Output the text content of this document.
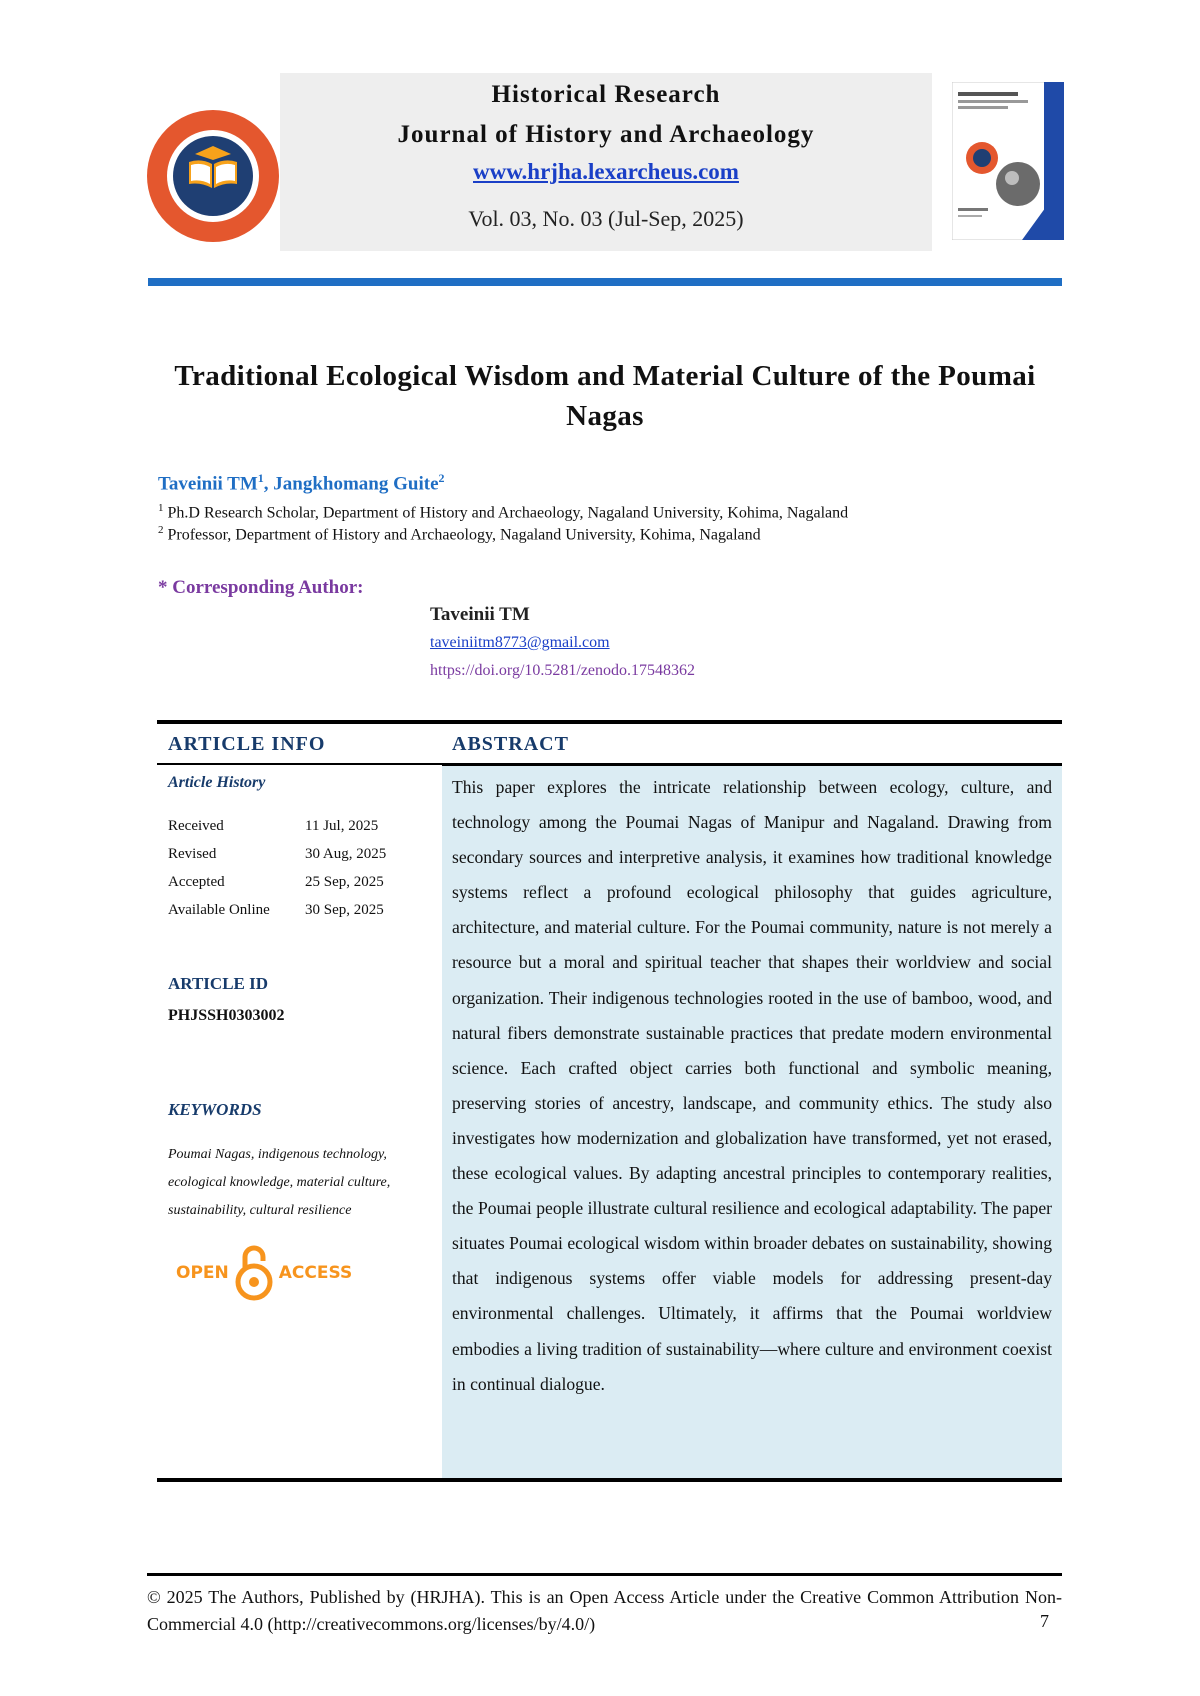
Historical Research
Journal of History and Archaeology
www.hrjha.lexarcheus.com
Vol. 03, No. 03 (Jul-Sep, 2025)
Traditional Ecological Wisdom and Material Culture of the Poumai Nagas
Taveinii $TM^1$, Jangkhomang Guite$^2$
$^1$ Ph.D Research Scholar, Department of History and Archaeology, Nagaland University, Kohima, Nagaland
$^2$ Professor, Department of History and Archaeology, Nagaland University, Kohima, Nagaland
* Corresponding Author:
Taveinii TM
taveiniitm8773@gmail.com
https://doi.org/10.5281/zenodo.17548362
ARTICLE INFO	ABSTRACT
This paper explores the intricate relationship between ecology, culture, and technology among the Poumai Nagas of Manipur and Nagaland. Drawing from secondary sources and interpretive analysis, it examines how traditional knowledge systems reflect a profound ecological philosophy that guides agriculture, architecture, and material culture. For the Poumai community, nature is not merely a resource but a moral and spiritual teacher that shapes their worldview and social organization. Their indigenous technologies rooted in the use of bamboo, wood, and natural fibers demonstrate sustainable practices that predate modern environmental science. Each crafted object carries both functional and symbolic meaning, preserving stories of ancestry, landscape, and community ethics. The study also investigates how modernization and globalization have transformed, yet not erased, these ecological values. By adapting ancestral principles to contemporary realities, the Poumai people illustrate cultural resilience and ecological adaptability. The paper situates Poumai ecological wisdom within broader debates on sustainability, showing that indigenous systems offer viable models for addressing present-day environmental challenges. Ultimately, it affirms that the Poumai worldview embodies a living tradition of sustainability—where culture and environment coexist in continual dialogue.
Article History
Received	11 Jul, 2025
Revised	30 Aug, 2025
Accepted	25 Sep, 2025
Available Online 30 Sep, 2025
ARTICLE ID
PHJSSH0303002
KEYWORDS
Poumai Nagas, indigenous technology, ecological knowledge, material culture, sustainability, cultural resilience
OPEN	ACCESS
© 2025 The Authors, Published by (HRJHA). This is an Open Access Article under the Creative Common Attribution Non-Commercial 4.0 (http://creativecommons.org/licenses/by/4.0/)	7
